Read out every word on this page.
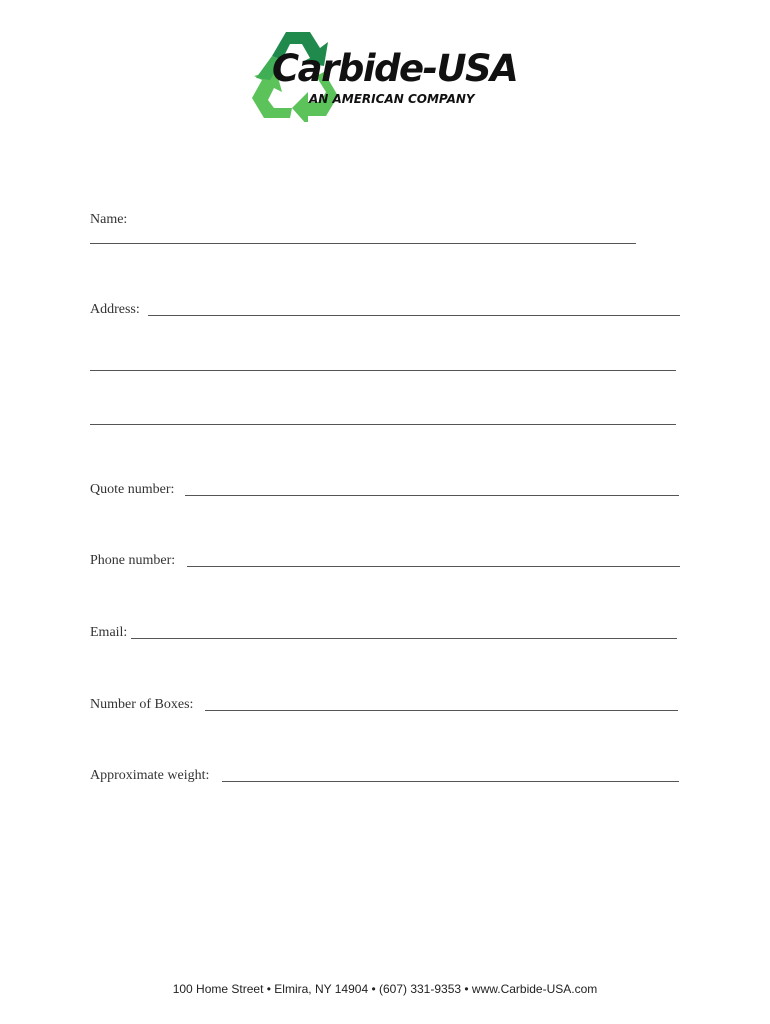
Carbide-USA
AN AMERICAN COMPANY
Name:
Address:
Quote number:
Phone number:
Email:
Number of Boxes:
Approximate weight:
100 Home Street • Elmira, NY 14904 • (607) 331-9353 • www.Carbide-USA.com
